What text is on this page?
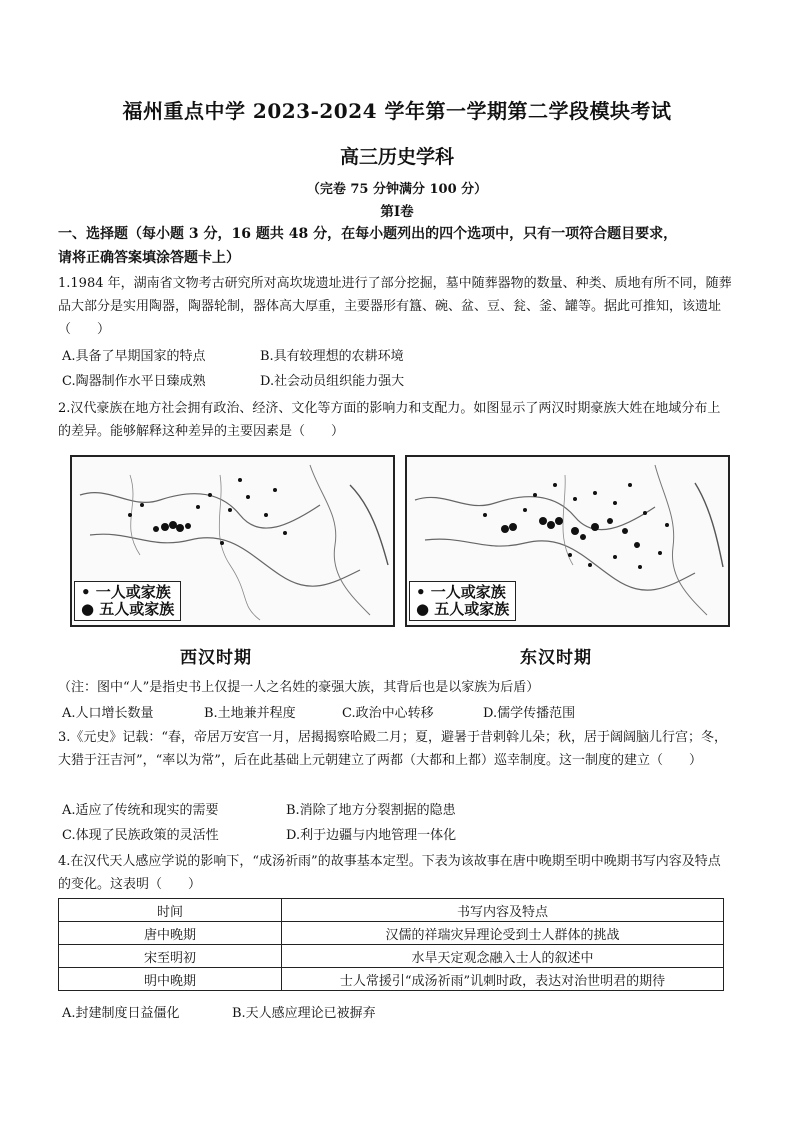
福州重点中学 2023-2024 学年第一学期第二学段模块考试
高三历史学科
（完卷 75 分钟满分 100 分）
第Ⅰ卷
一、选择题（每小题 3 分，16 题共 48 分，在每小题列出的四个选项中，只有一项符合题目要求，
请将正确答案填涂答题卡上）
1.1984 年，湖南省文物考古研究所对高坎垅遗址进行了部分挖掘，墓中随葬器物的数量、种类、质地有所不同，随葬品大部分是实用陶器，陶器轮制，器体高大厚重，主要器形有簋、碗、盆、豆、瓮、釜、罐等。据此可推知，该遗址（　　）
A.具备了早期国家的特点	B.具有较理想的农耕环境
C.陶器制作水平日臻成熟	D.社会动员组织能力强大
2.汉代豪族在地方社会拥有政治、经济、文化等方面的影响力和支配力。如图显示了两汉时期豪族大姓在地域分布上的差异。能够解释这种差异的主要因素是（　　）
• 一人或家族
● 五人或家族
• 一人或家族
● 五人或家族
西汉时期	东汉时期
（注：图中“人”是指史书上仅提一人之名姓的豪强大族，其背后也是以家族为后盾）
A.人口增长数量	B.土地兼并程度	C.政治中心转移	D.儒学传播范围
3.《元史》记载：“春，帝居万安宫一月，居揭揭察哈殿二月；夏，避暑于昔剌斡儿朵；秋，居于阔阔脑儿行宫；冬，大猎于汪吉河”，“率以为常”，后在此基础上元朝建立了两都（大都和上都）巡幸制度。这一制度的建立（　　）
A.适应了传统和现实的需要	B.消除了地方分裂割据的隐患
C.体现了民族政策的灵活性	D.利于边疆与内地管理一体化
4.在汉代天人感应学说的影响下，“成汤祈雨”的故事基本定型。下表为该故事在唐中晚期至明中晚期书写内容及特点的变化。这表明（　　）
时间	书写内容及特点
唐中晚期	汉儒的祥瑞灾异理论受到士人群体的挑战
宋至明初	水旱天定观念融入士人的叙述中
明中晚期	士人常援引“成汤祈雨”讥刺时政，表达对治世明君的期待
A.封建制度日益僵化	B.天人感应理论已被摒弃
